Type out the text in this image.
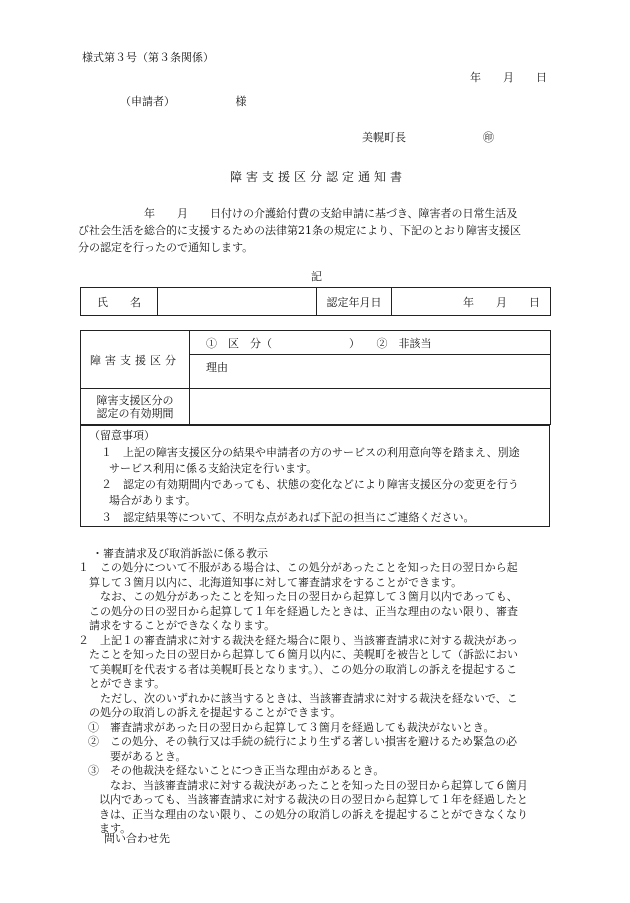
様式第３号（第３条関係）
年　　月　　日
（申請者）　　　　　　様
美幌町長　　　　　　　㊞
障害支援区分認定通知書
　　　　　　年　　月　　日付けの介護給付費の支給申請に基づき、障害者の日常生活及
び社会生活を総合的に支援するための法律第21条の規定により、下記のとおり障害支援区
分の認定を行ったので通知します。
記
氏　　名		認定年月日	年　　月　　日
障害支援区分	①　区　分（　　　　　　　）　　②　非該当
	理由

障害支援区分の
認定の有効期間	

（留意事項）
１　上記の障害支援区分の結果や申請者の方のサービスの利用意向等を踏まえ、別途
サービス利用に係る支給決定を行います。
２　認定の有効期間内であっても、状態の変化などにより障害支援区分の変更を行う
場合があります。
３　認定結果等について、不明な点があれば下記の担当にご連絡ください。
・審査請求及び取消訴訟に係る教示
１　この処分について不服がある場合は、この処分があったことを知った日の翌日から起
　算して３箇月以内に、北海道知事に対して審査請求をすることができます。
　　なお、この処分があったことを知った日の翌日から起算して３箇月以内であっても、
　この処分の日の翌日から起算して１年を経過したときは、正当な理由のない限り、審査
　請求をすることができなくなります。
２　上記１の審査請求に対する裁決を経た場合に限り、当該審査請求に対する裁決があっ
　たことを知った日の翌日から起算して６箇月以内に、美幌町を被告として（訴訟におい
　て美幌町を代表する者は美幌町長となります。）、この処分の取消しの訴えを提起するこ
　とができます。
　　ただし、次のいずれかに該当するときは、当該審査請求に対する裁決を経ないで、こ
　の処分の取消しの訴えを提起することができます。
①　審査請求があった日の翌日から起算して３箇月を経過しても裁決がないとき。
②　この処分、その執行又は手続の続行により生ずる著しい損害を避けるため緊急の必
　　要があるとき。
③　その他裁決を経ないことにつき正当な理由があるとき。
　　なお、当該審査請求に対する裁決があったことを知った日の翌日から起算して６箇月
　以内であっても、当該審査請求に対する裁決の日の翌日から起算して１年を経過したと
　きは、正当な理由のない限り、この処分の取消しの訴えを提起することができなくなり
　ます。
問い合わせ先
